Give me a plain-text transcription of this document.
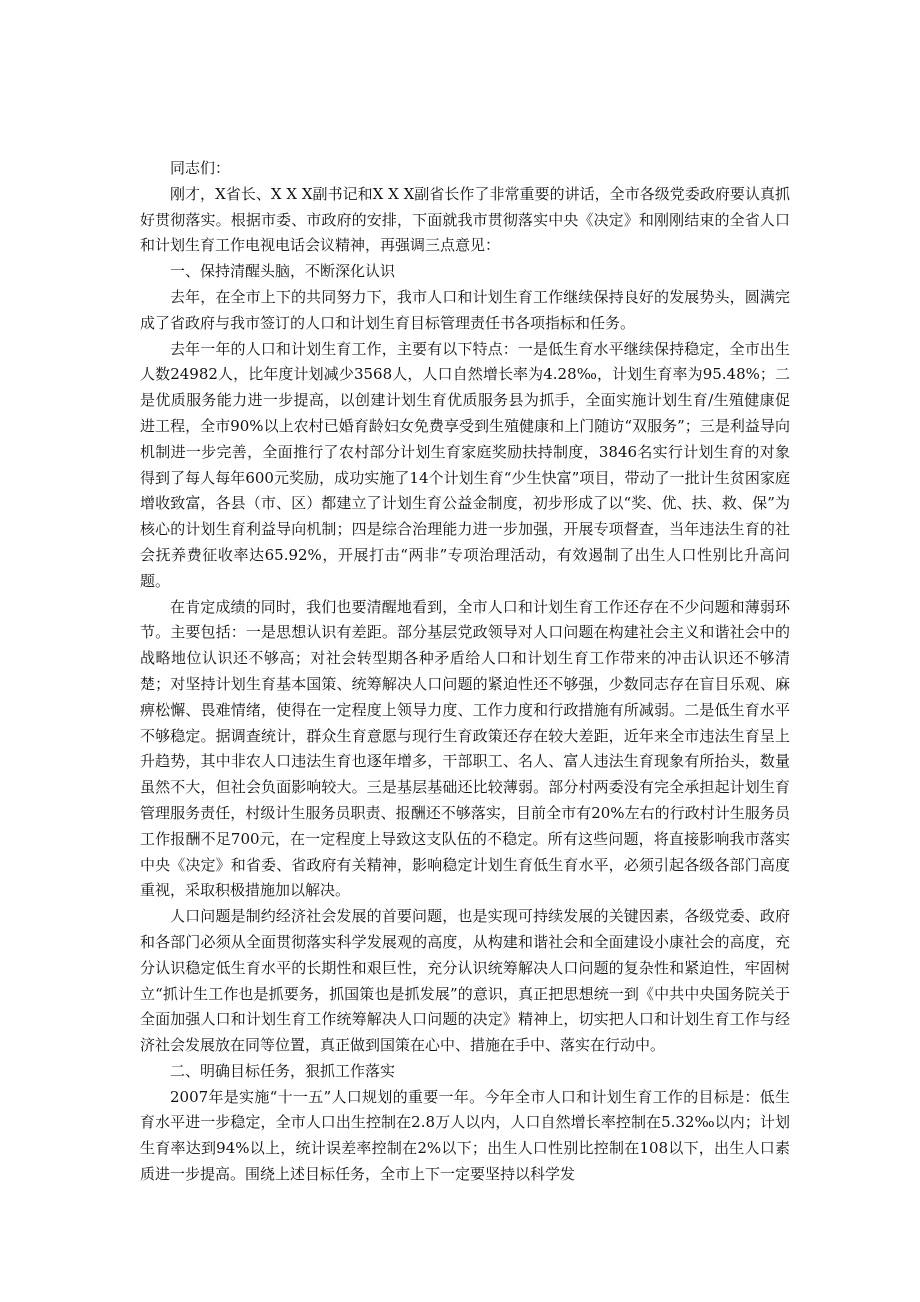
同志们：

刚才，X省长、X X X副书记和X X X副省长作了非常重要的讲话，全市各级党委政府要认真抓好贯彻落实。根据市委、市政府的安排，下面就我市贯彻落实中央《决定》和刚刚结束的全省人口和计划生育工作电视电话会议精神，再强调三点意见：

一、保持清醒头脑，不断深化认识

去年，在全市上下的共同努力下，我市人口和计划生育工作继续保持良好的发展势头，圆满完成了省政府与我市签订的人口和计划生育目标管理责任书各项指标和任务。

去年一年的人口和计划生育工作，主要有以下特点：一是低生育水平继续保持稳定，全市出生人数24982人，比年度计划减少3568人，人口自然增长率为4.28‰，计划生育率为95.48%；二是优质服务能力进一步提高，以创建计划生育优质服务县为抓手，全面实施计划生育/生殖健康促进工程，全市90%以上农村已婚育龄妇女免费享受到生殖健康和上门随访“双服务”；三是利益导向机制进一步完善，全面推行了农村部分计划生育家庭奖励扶持制度，3846名实行计划生育的对象得到了每人每年600元奖励，成功实施了14个计划生育“少生快富”项目，带动了一批计生贫困家庭增收致富，各县（市、区）都建立了计划生育公益金制度，初步形成了以“奖、优、扶、救、保”为核心的计划生育利益导向机制；四是综合治理能力进一步加强，开展专项督查，当年违法生育的社会抚养费征收率达65.92%，开展打击“两非”专项治理活动，有效遏制了出生人口性别比升高问题。

在肯定成绩的同时，我们也要清醒地看到，全市人口和计划生育工作还存在不少问题和薄弱环节。主要包括：一是思想认识有差距。部分基层党政领导对人口问题在构建社会主义和谐社会中的战略地位认识还不够高；对社会转型期各种矛盾给人口和计划生育工作带来的冲击认识还不够清楚；对坚持计划生育基本国策、统筹解决人口问题的紧迫性还不够强，少数同志存在盲目乐观、麻痹松懈、畏难情绪，使得在一定程度上领导力度、工作力度和行政措施有所减弱。二是低生育水平不够稳定。据调查统计，群众生育意愿与现行生育政策还存在较大差距，近年来全市违法生育呈上升趋势，其中非农人口违法生育也逐年增多，干部职工、名人、富人违法生育现象有所抬头，数量虽然不大，但社会负面影响较大。三是基层基础还比较薄弱。部分村两委没有完全承担起计划生育管理服务责任，村级计生服务员职责、报酬还不够落实，目前全市有20%左右的行政村计生服务员工作报酬不足700元，在一定程度上导致这支队伍的不稳定。所有这些问题，将直接影响我市落实中央《决定》和省委、省政府有关精神，影响稳定计划生育低生育水平，必须引起各级各部门高度重视，采取积极措施加以解决。

人口问题是制约经济社会发展的首要问题，也是实现可持续发展的关键因素，各级党委、政府和各部门必须从全面贯彻落实科学发展观的高度，从构建和谐社会和全面建设小康社会的高度，充分认识稳定低生育水平的长期性和艰巨性，充分认识统筹解决人口问题的复杂性和紧迫性，牢固树立“抓计生工作也是抓要务，抓国策也是抓发展”的意识，真正把思想统一到《中共中央国务院关于全面加强人口和计划生育工作统筹解决人口问题的决定》精神上，切实把人口和计划生育工作与经济社会发展放在同等位置，真正做到国策在心中、措施在手中、落实在行动中。

二、明确目标任务，狠抓工作落实

2007年是实施“十一五”人口规划的重要一年。今年全市人口和计划生育工作的目标是：低生育水平进一步稳定，全市人口出生控制在2.8万人以内，人口自然增长率控制在5.32‰以内；计划生育率达到94%以上，统计误差率控制在2%以下；出生人口性别比控制在108以下，出生人口素质进一步提高。围绕上述目标任务，全市上下一定要坚持以科学发
